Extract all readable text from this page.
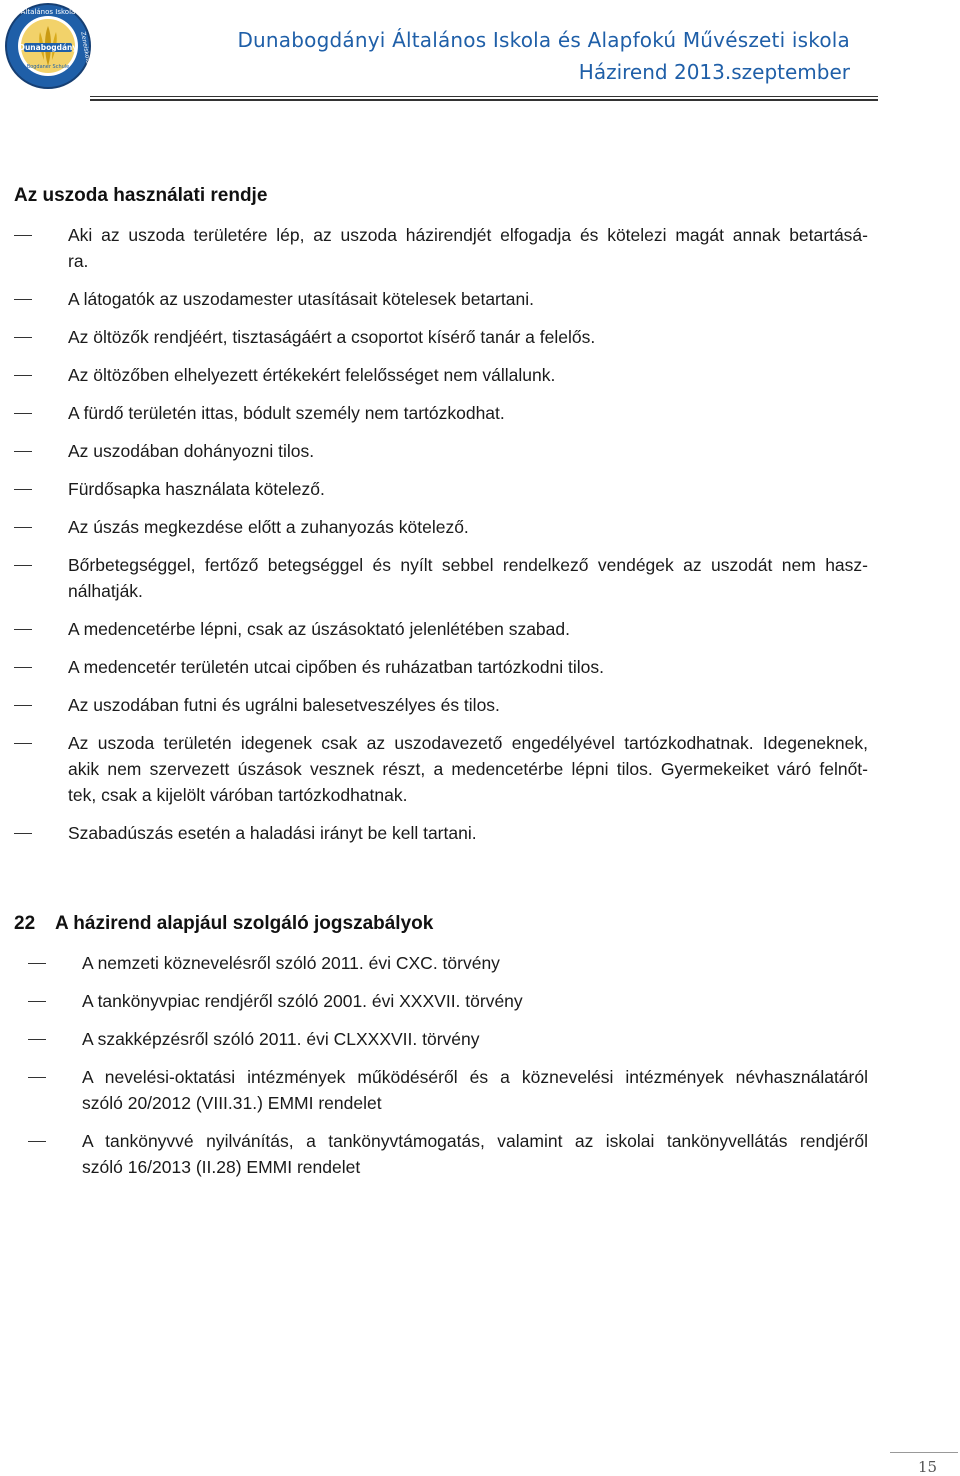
Dunabogdány
Általános Iskola
Bogdaner Schule
Zeneiskola	Dunabogdányi Általános Iskola és Alapfokú Művészeti iskola
Házirend 2013.szeptember
Az uszoda használati rendje
Aki az uszoda területére lép, az uszoda házirendjét elfogadja és kötelezi magát annak betartásá-
ra.
A látogatók az uszodamester utasításait kötelesek betartani.
Az öltözők rendjéért, tisztaságáért a csoportot kísérő tanár a felelős.
Az öltözőben elhelyezett értékekért felelősséget nem vállalunk.
A fürdő területén ittas, bódult személy nem tartózkodhat.
Az uszodában dohányozni tilos.
Fürdősapka használata kötelező.
Az úszás megkezdése előtt a zuhanyozás kötelező.
Bőrbetegséggel, fertőző betegséggel és nyílt sebbel rendelkező vendégek az uszodát nem hasz-
nálhatják.
A medencetérbe lépni, csak az úszásoktató jelenlétében szabad.
A medencetér területén utcai cipőben és ruházatban tartózkodni tilos.
Az uszodában futni és ugrálni balesetveszélyes és tilos.
Az uszoda területén idegenek csak az uszodavezető engedélyével tartózkodhatnak. Idegeneknek,
akik nem szervezett úszások vesznek részt, a medencetérbe lépni tilos. Gyermekeiket váró felnőt-
tek, csak a kijelölt váróban tartózkodhatnak.
Szabadúszás esetén a haladási irányt be kell tartani.
22 A házirend alapjául szolgáló jogszabályok
A nemzeti köznevelésről szóló 2011. évi CXC. törvény
A tankönyvpiac rendjéről szóló 2001. évi XXXVII. törvény
A szakképzésről szóló 2011. évi CLXXXVII. törvény
A nevelési-oktatási intézmények működéséről és a köznevelési intézmények névhasználatáról
szóló 20/2012 (VIII.31.) EMMI rendelet
A tankönyvvé nyilvánítás, a tankönyvtámogatás, valamint az iskolai tankönyvellátás rendjéről
szóló 16/2013 (II.28) EMMI rendelet
15
